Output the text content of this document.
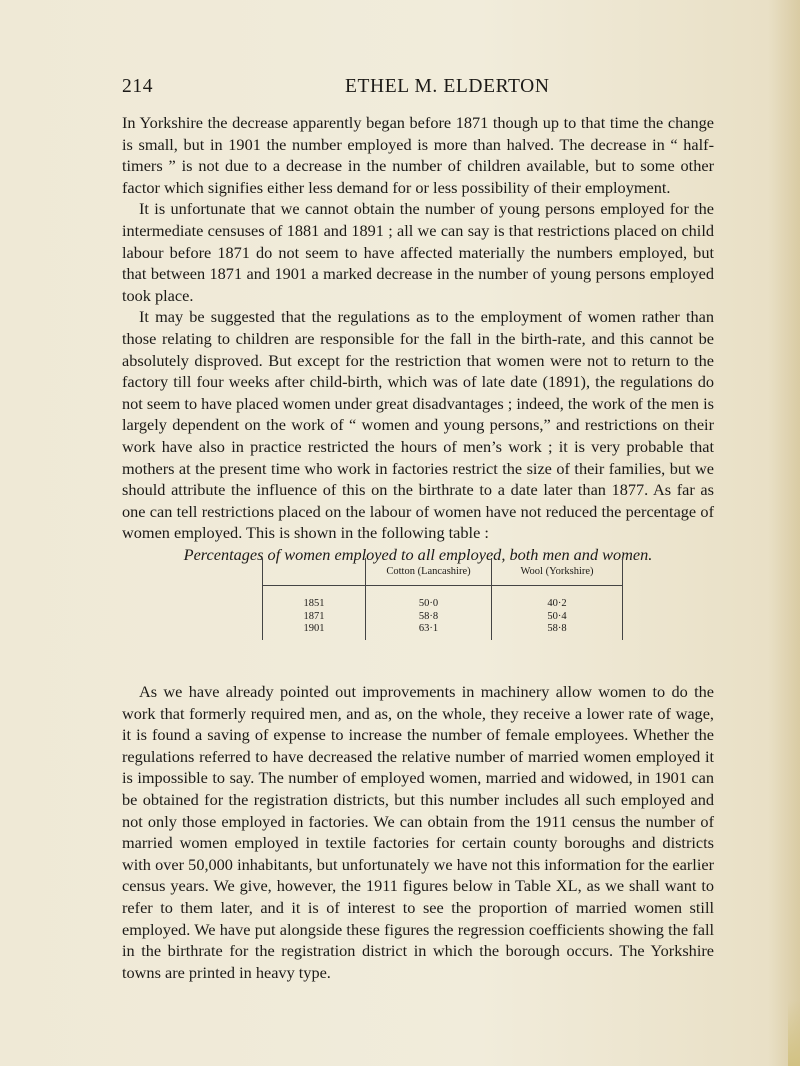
214	ETHEL M. ELDERTON

In Yorkshire the decrease apparently began before 1871 though up to that time the change is small, but in 1901 the number employed is more than halved. The decrease in “ half-timers ” is not due to a decrease in the number of children available, but to some other factor which signifies either less demand for or less possibility of their employment.

It is unfortunate that we cannot obtain the number of young persons employed for the intermediate censuses of 1881 and 1891 ; all we can say is that restrictions placed on child labour before 1871 do not seem to have affected materially the numbers employed, but that between 1871 and 1901 a marked decrease in the number of young persons employed took place.

It may be suggested that the regulations as to the employment of women rather than those relating to children are responsible for the fall in the birth-rate, and this cannot be absolutely disproved. But except for the restriction that women were not to return to the factory till four weeks after child-birth, which was of late date (1891), the regulations do not seem to have placed women under great disadvantages ; indeed, the work of the men is largely dependent on the work of “ women and young persons,” and restrictions on their work have also in practice restricted the hours of men’s work ; it is very probable that mothers at the present time who work in factories restrict the size of their families, but we should attribute the influence of this on the birthrate to a date later than 1877. As far as one can tell restrictions placed on the labour of women have not reduced the percentage of women employed. This is shown in the following table :

Percentages of women employed to all employed, both men and women.

	Cotton (Lancashire)	Wool (Yorkshire)
1851	50·0	40·2
1871	58·8	50·4
1901	63·1	58·8

As we have already pointed out improvements in machinery allow women to do the work that formerly required men, and as, on the whole, they receive a lower rate of wage, it is found a saving of expense to increase the number of female employees. Whether the regulations referred to have decreased the relative number of married women employed it is impossible to say. The number of employed women, married and widowed, in 1901 can be obtained for the registration districts, but this number includes all such employed and not only those employed in factories. We can obtain from the 1911 census the number of married women employed in textile factories for certain county boroughs and districts with over 50,000 inhabitants, but unfortunately we have not this information for the earlier census years. We give, however, the 1911 figures below in Table XL, as we shall want to refer to them later, and it is of interest to see the proportion of married women still employed. We have put alongside these figures the regression coefficients showing the fall in the birthrate for the registration district in which the borough occurs. The Yorkshire towns are printed in heavy type.
